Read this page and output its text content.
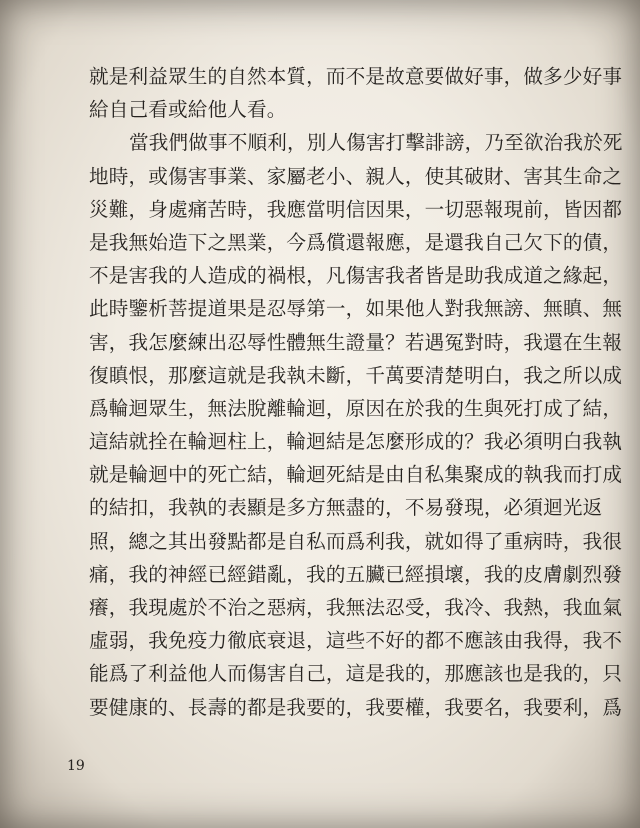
就是利益眾生的自然本質，而不是故意要做好事，做多少好事
給自己看或給他人看。
當我們做事不順利，別人傷害打擊誹謗，乃至欲治我於死
地時，或傷害事業、家屬老小、親人，使其破財、害其生命之
災難，身處痛苦時，我應當明信因果，一切惡報現前，皆因都
是我無始造下之黑業，今爲償還報應，是還我自己欠下的債，
不是害我的人造成的禍根，凡傷害我者皆是助我成道之緣起，
此時鑒析菩提道果是忍辱第一，如果他人對我無謗、無瞋、無
害，我怎麼練出忍辱性體無生證量？若遇冤對時，我還在生報
復瞋恨，那麼這就是我執未斷，千萬要清楚明白，我之所以成
爲輪迴眾生，無法脫離輪迴，原因在於我的生與死打成了結，
這結就拴在輪迴柱上，輪迴結是怎麼形成的？我必須明白我執
就是輪迴中的死亡結，輪迴死結是由自私集聚成的執我而打成
的結扣，我執的表顯是多方無盡的，不易發現，必須迴光返
照，總之其出發點都是自私而爲利我，就如得了重病時，我很
痛，我的神經已經錯亂，我的五臟已經損壞，我的皮膚劇烈發
癢，我現處於不治之惡病，我無法忍受，我冷、我熱，我血氣
虛弱，我免疫力徹底衰退，這些不好的都不應該由我得，我不
能爲了利益他人而傷害自己，這是我的，那應該也是我的，只
要健康的、長壽的都是我要的，我要權，我要名，我要利，爲
19
